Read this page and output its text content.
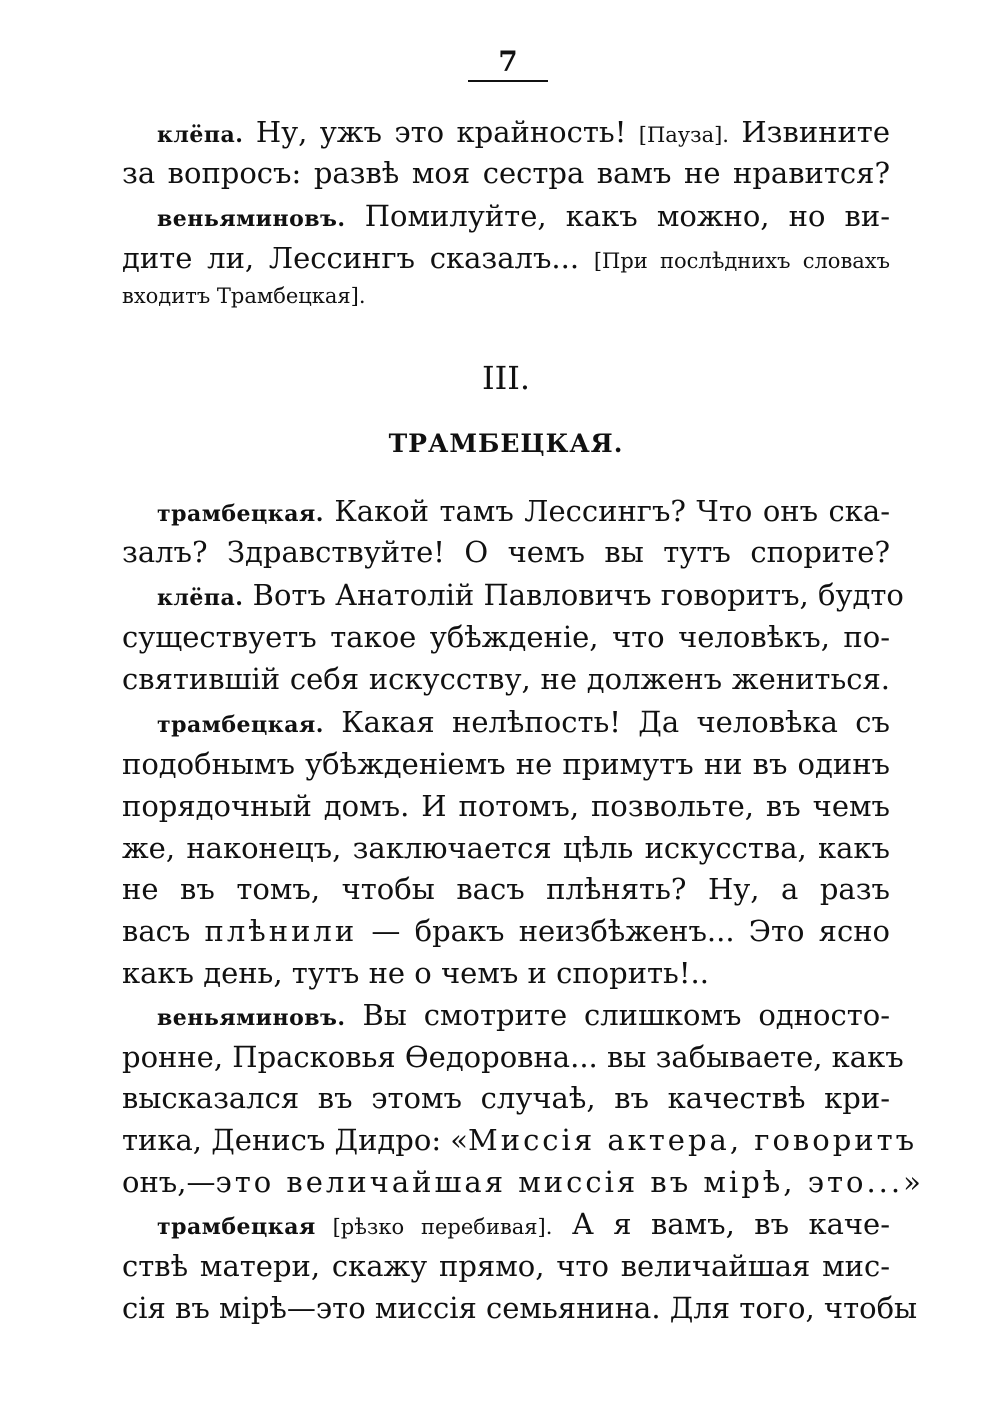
7

клёпа. Ну, ужъ это крайность! [Пауза]. Извините

за вопросъ: развѣ моя сестра вамъ не нравится?

веньяминовъ. Помилуйте, какъ можно, но ви-

дите ли, Лессингъ сказалъ... [При послѣднихъ словахъ

входитъ Трамбецкая].

III.

ТРАМБЕЦКАЯ.

трамбецкая. Какой тамъ Лессингъ? Что онъ ска-

залъ? Здравствуйте! О чемъ вы тутъ спорите?

клёпа. Вотъ Анатолій Павловичъ говоритъ, будто

существуетъ такое убѣжденіе, что человѣкъ, по-

святившій себя искусству, не долженъ жениться.

трамбецкая. Какая нелѣпость! Да человѣка съ

подобнымъ убѣжденіемъ не примутъ ни въ одинъ

порядочный домъ. И потомъ, позвольте, въ чемъ

же, наконецъ, заключается цѣль искусства, какъ

не въ томъ, чтобы васъ плѣнять? Ну, а разъ

васъ плѣнили — бракъ неизбѣженъ... Это ясно

какъ день, тутъ не о чемъ и спорить!..

веньяминовъ. Вы смотрите слишкомъ односто-

ронне, Прасковья Ѳедоровна... вы забываете, какъ

высказался въ этомъ случаѣ, въ качествѣ кри-

тика, Денисъ Дидро: «Миссія актера, говоритъ

онъ,—это величайшая миссія въ мірѣ, это...»

трамбецкая [рѣзко перебивая]. А я вамъ, въ каче-

ствѣ матери, скажу прямо, что величайшая мис-

сія въ мірѣ—это миссія семьянина. Для того, чтобы
